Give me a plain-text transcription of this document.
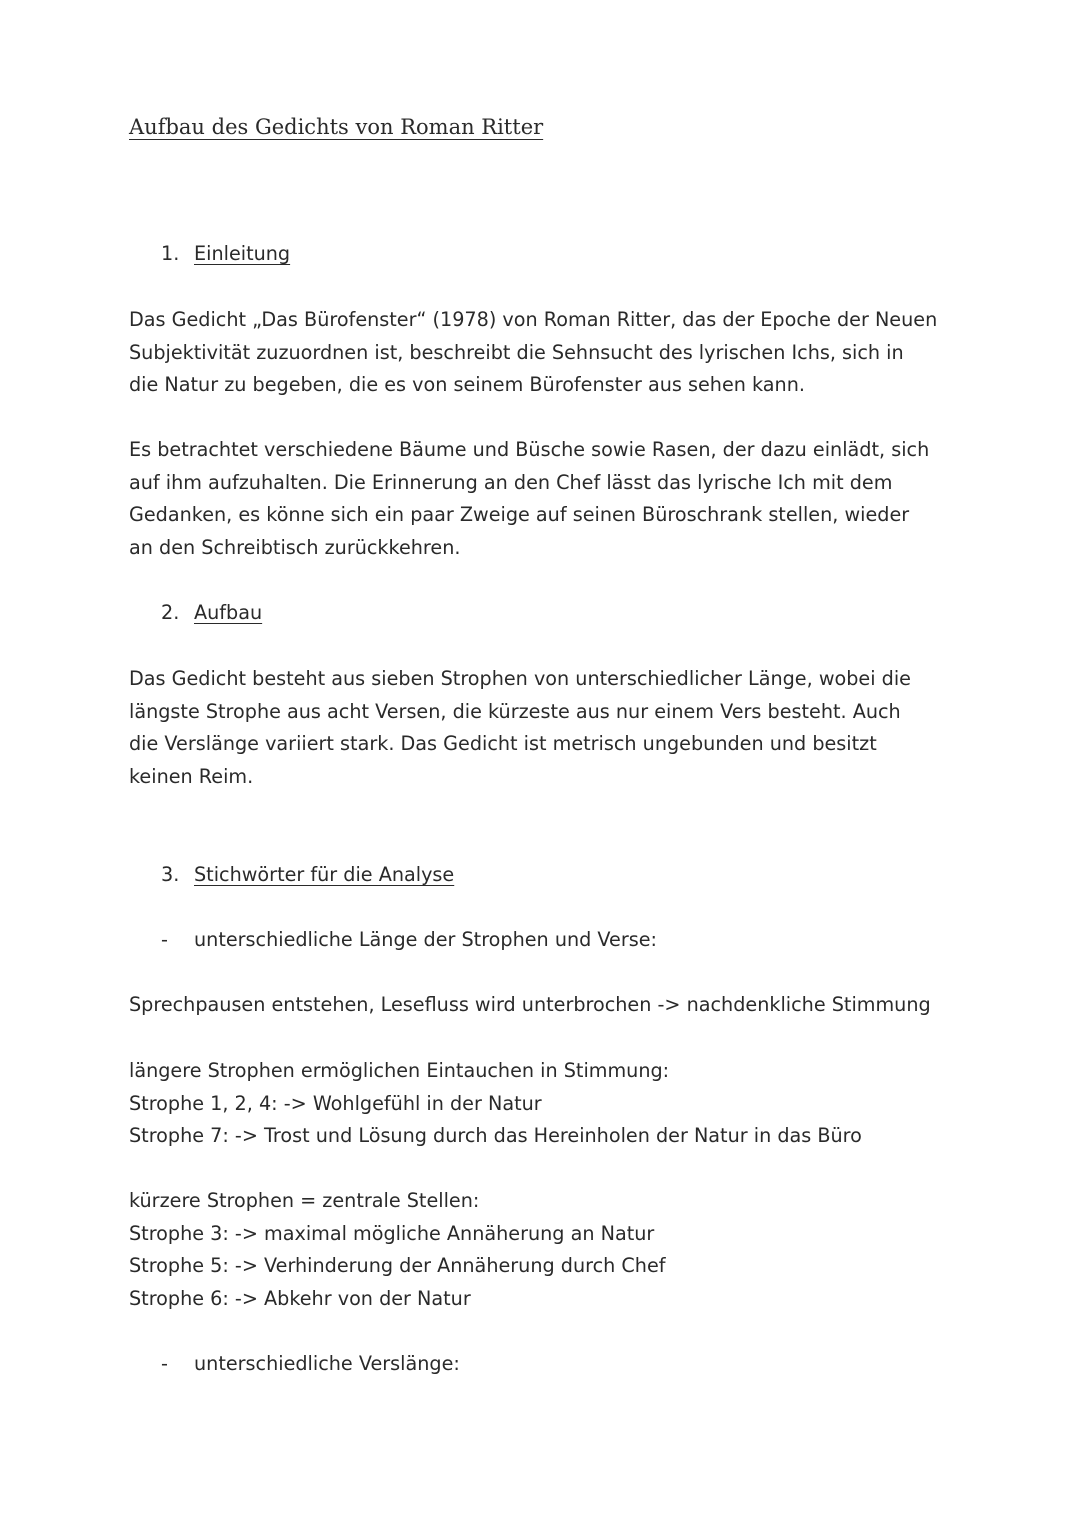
Aufbau des Gedichts von Roman Ritter
1. Einleitung

Das Gedicht „Das Bürofenster“ (1978) von Roman Ritter, das der Epoche der Neuen
Subjektivität zuzuordnen ist, beschreibt die Sehnsucht des lyrischen Ichs, sich in
die Natur zu begeben, die es von seinem Bürofenster aus sehen kann.

Es betrachtet verschiedene Bäume und Büsche sowie Rasen, der dazu einlädt, sich
auf ihm aufzuhalten. Die Erinnerung an den Chef lässt das lyrische Ich mit dem
Gedanken, es könne sich ein paar Zweige auf seinen Büroschrank stellen, wieder
an den Schreibtisch zurückkehren.

2. Aufbau

Das Gedicht besteht aus sieben Strophen von unterschiedlicher Länge, wobei die
längste Strophe aus acht Versen, die kürzeste aus nur einem Vers besteht. Auch
die Verslänge variiert stark. Das Gedicht ist metrisch ungebunden und besitzt
keinen Reim.

3. Stichwörter für die Analyse
- unterschiedliche Länge der Strophen und Verse:

Sprechpausen entstehen, Lesefluss wird unterbrochen -> nachdenkliche Stimmung

längere Strophen ermöglichen Eintauchen in Stimmung:
Strophe 1, 2, 4: -> Wohlgefühl in der Natur
Strophe 7: -> Trost und Lösung durch das Hereinholen der Natur in das Büro

kürzere Strophen = zentrale Stellen:
Strophe 3: -> maximal mögliche Annäherung an Natur
Strophe 5: -> Verhinderung der Annäherung durch Chef
Strophe 6: -> Abkehr von der Natur

- unterschiedliche Verslänge:
